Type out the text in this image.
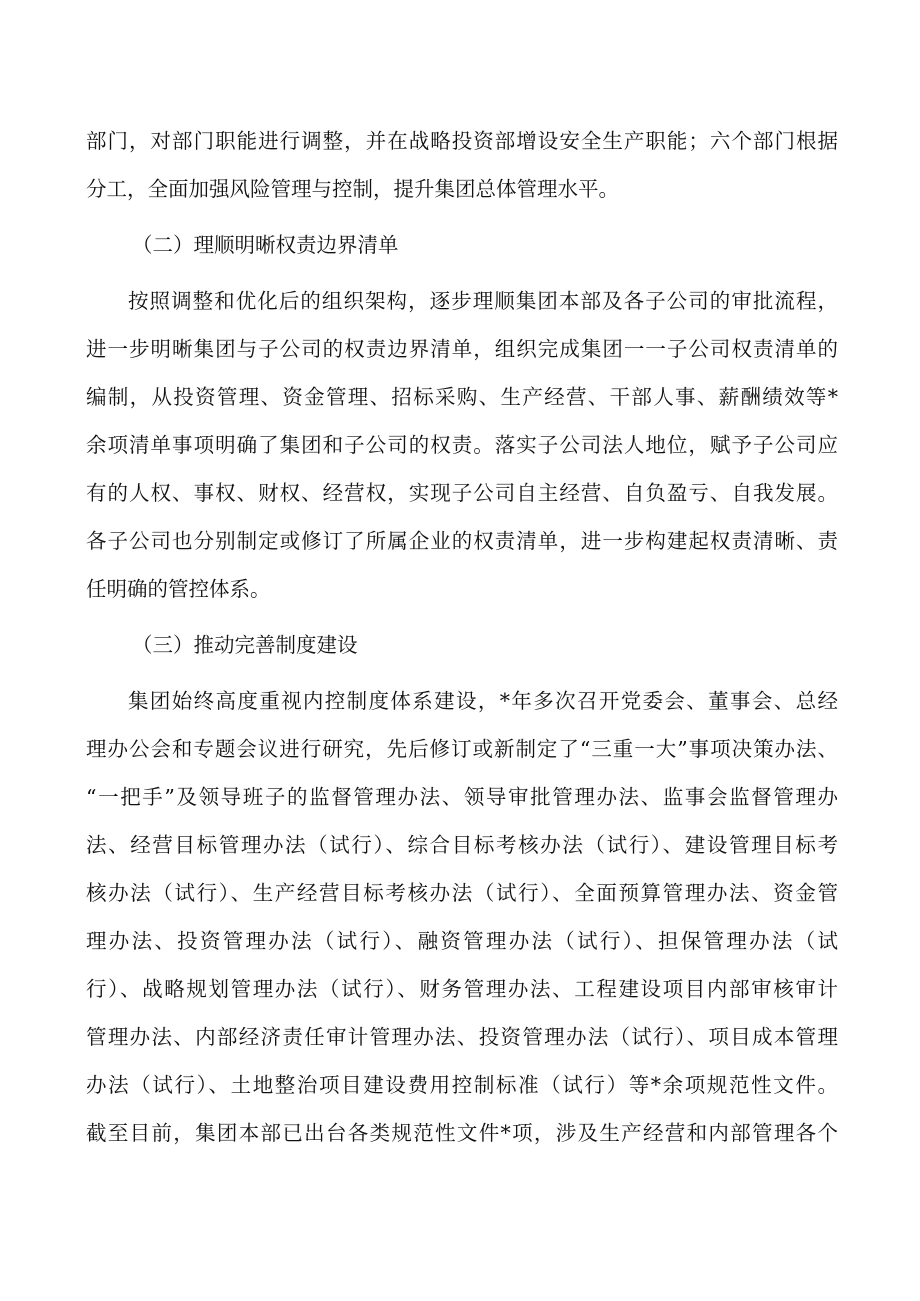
部门，对部门职能进行调整，并在战略投资部增设安全生产职能；六个部门根据
分工，全面加强风险管理与控制，提升集团总体管理水平。
（二）理顺明晰权责边界清单
按照调整和优化后的组织架构，逐步理顺集团本部及各子公司的审批流程，
进一步明晰集团与子公司的权责边界清单，组织完成集团一一子公司权责清单的
编制，从投资管理、资金管理、招标采购、生产经营、干部人事、薪酬绩效等*
余项清单事项明确了集团和子公司的权责。落实子公司法人地位，赋予子公司应
有的人权、事权、财权、经营权，实现子公司自主经营、自负盈亏、自我发展。
各子公司也分别制定或修订了所属企业的权责清单，进一步构建起权责清晰、责
任明确的管控体系。
（三）推动完善制度建设
集团始终高度重视内控制度体系建设，*年多次召开党委会、董事会、总经
理办公会和专题会议进行研究，先后修订或新制定了“三重一大”事项决策办法、
“一把手”及领导班子的监督管理办法、领导审批管理办法、监事会监督管理办
法、经营目标管理办法（试行）、综合目标考核办法（试行）、建设管理目标考
核办法（试行）、生产经营目标考核办法（试行）、全面预算管理办法、资金管
理办法、投资管理办法（试行）、融资管理办法（试行）、担保管理办法（试
行）、战略规划管理办法（试行）、财务管理办法、工程建设项目内部审核审计
管理办法、内部经济责任审计管理办法、投资管理办法（试行）、项目成本管理
办法（试行）、土地整治项目建设费用控制标准（试行）等*余项规范性文件。
截至目前，集团本部已出台各类规范性文件*项，涉及生产经营和内部管理各个
